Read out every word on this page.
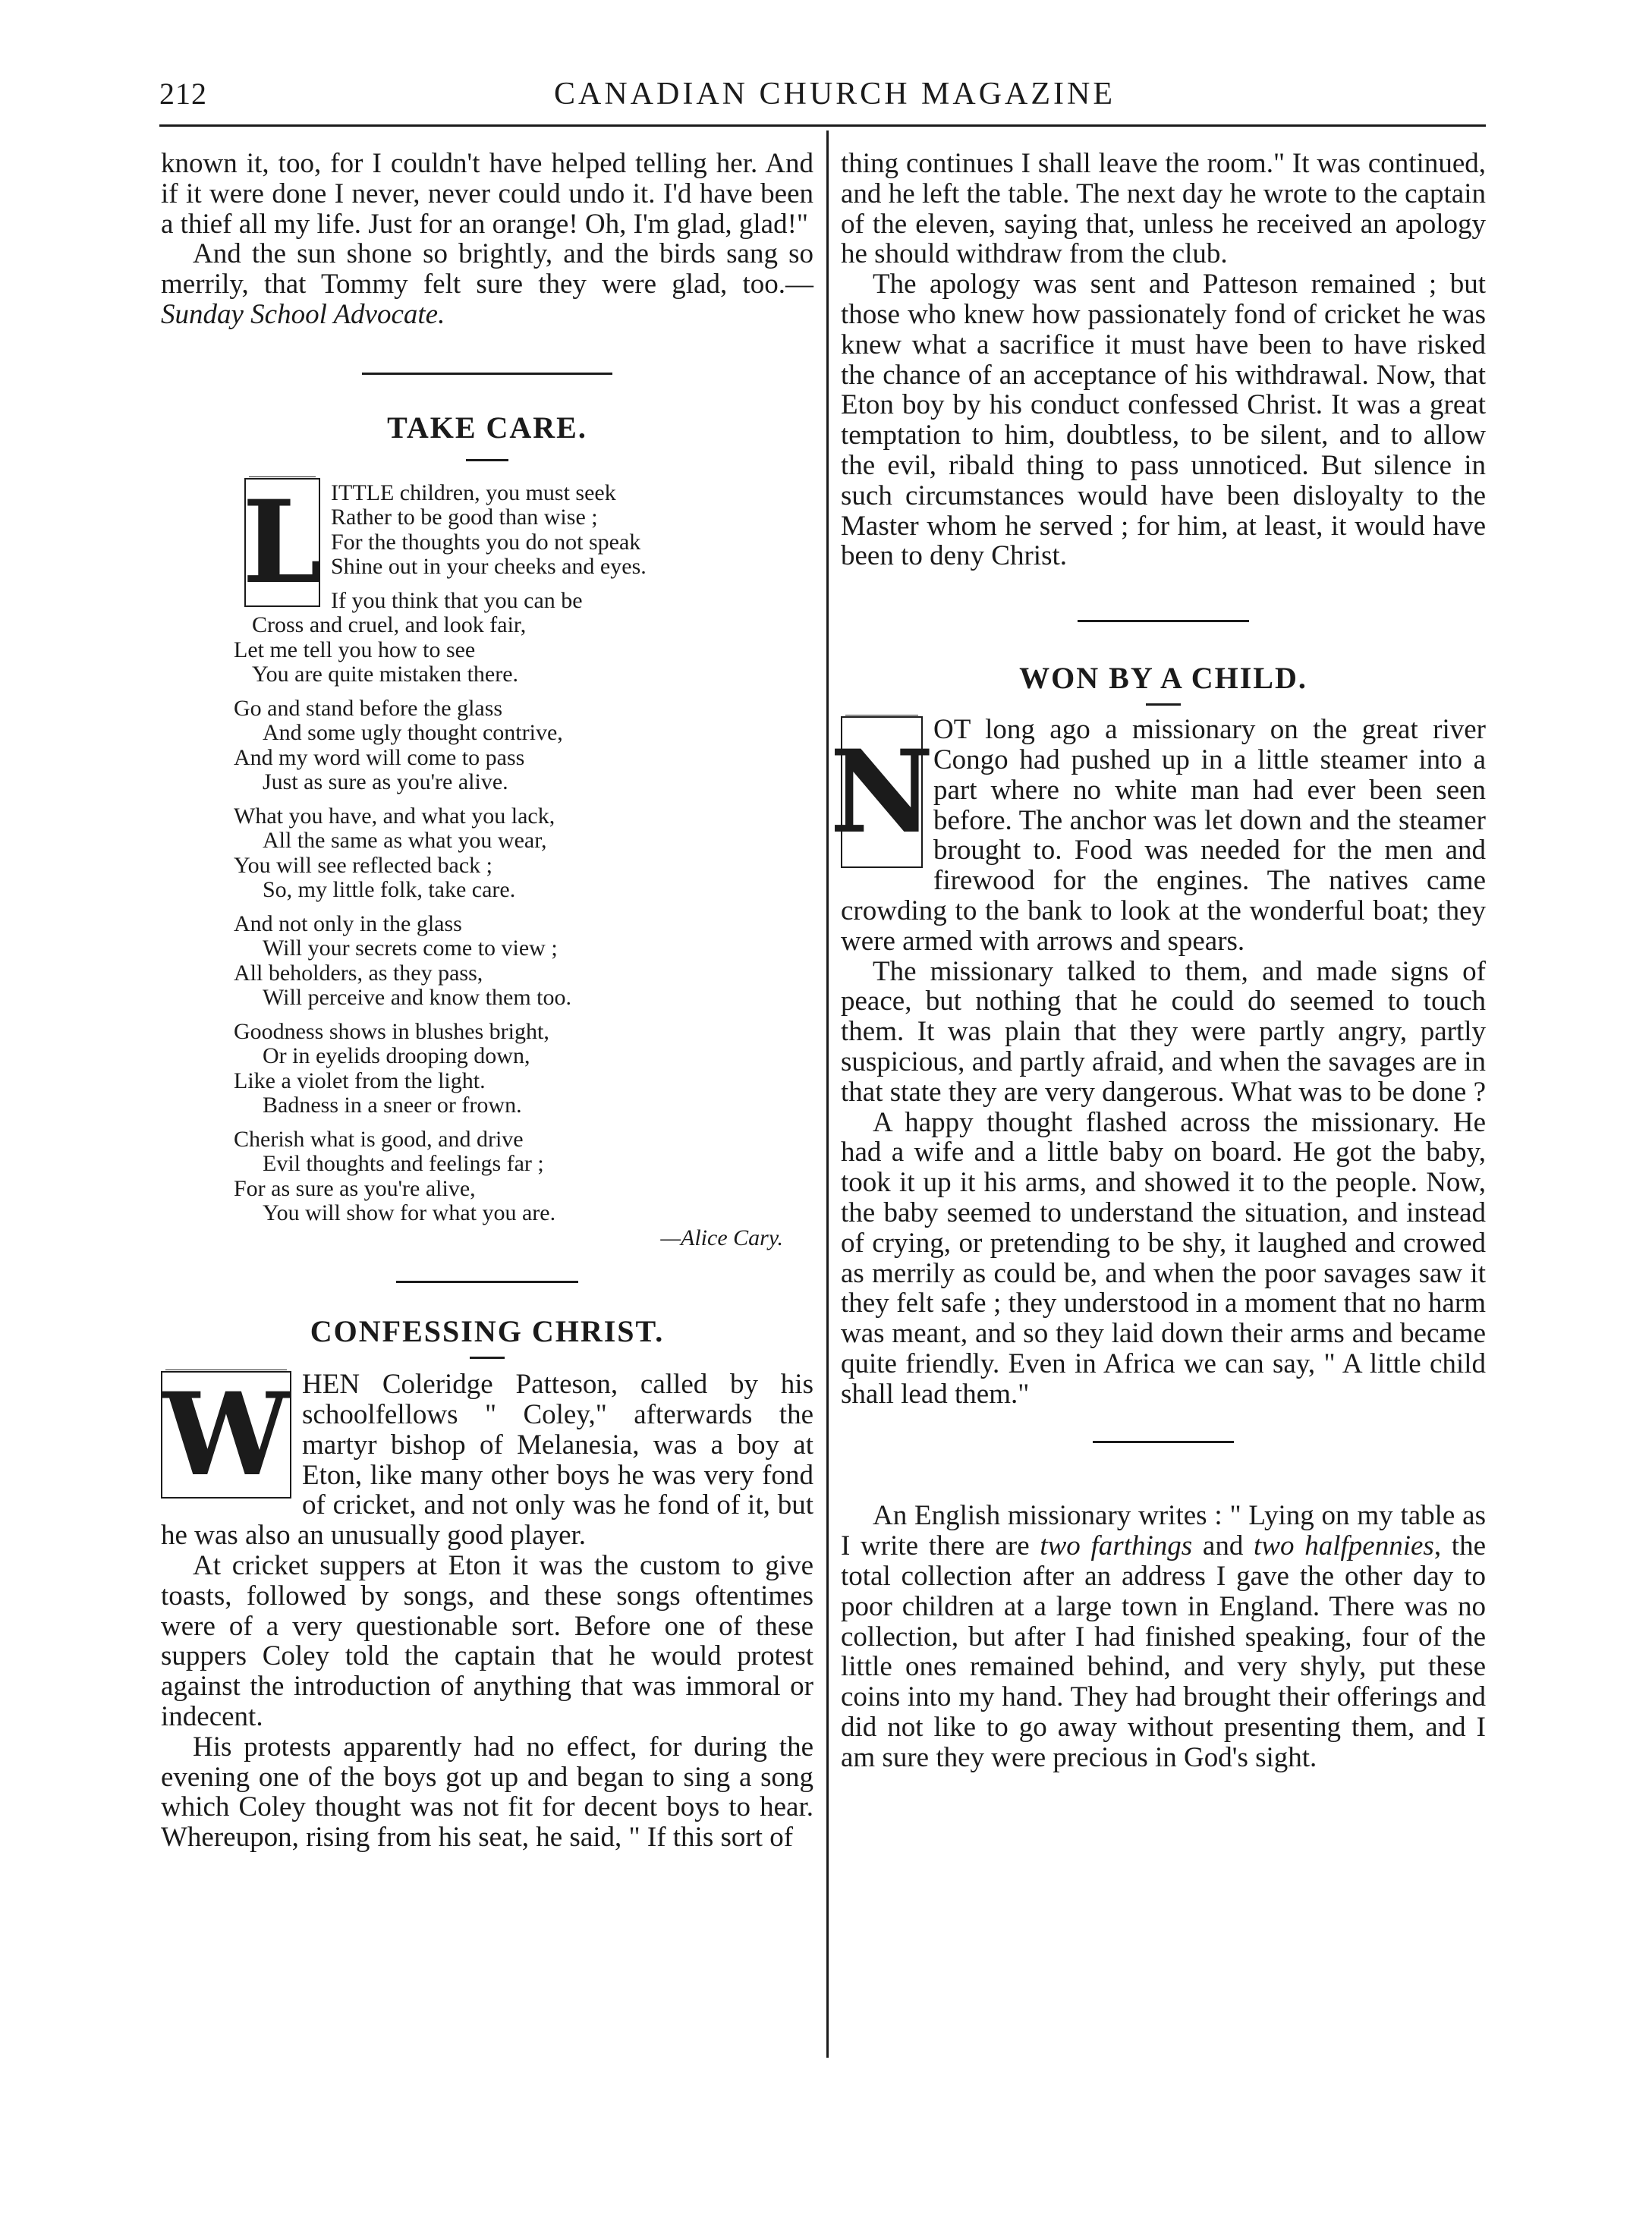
212	CANADIAN CHURCH MAGAZINE

known it, too, for I couldn't have helped telling her. And if it were done I never, never could undo it. I'd have been a thief all my life. Just for an orange! Oh, I'm glad, glad!"

And the sun shone so brightly, and the birds sang so merrily, that Tommy felt sure they were glad, too.—Sunday School Advocate.

TAKE CARE.
L ITTLE children, you must seek
Rather to be good than wise ;
For the thoughts you do not speak
Shine out in your cheeks and eyes.
If you think that you can be
Cross and cruel, and look fair,
Let me tell you how to see
You are quite mistaken there.
Go and stand before the glass
And some ugly thought contrive,
And my word will come to pass
Just as sure as you're alive.
What you have, and what you lack,
All the same as what you wear,
You will see reflected back ;
So, my little folk, take care.
And not only in the glass
Will your secrets come to view ;
All beholders, as they pass,
Will perceive and know them too.
Goodness shows in blushes bright,
Or in eyelids drooping down,
Like a violet from the light.
Badness in a sneer or frown.
Cherish what is good, and drive
Evil thoughts and feelings far ;
For as sure as you're alive,
You will show for what you are.

—Alice Cary.

CONFESSING CHRIST.
W HEN Coleridge Patteson, called by his schoolfellows " Coley," afterwards the martyr bishop of Melanesia, was a boy at Eton, like many other boys he was very fond of cricket, and not only was he fond of it, but he was also an unusually good player.

At cricket suppers at Eton it was the custom to give toasts, followed by songs, and these songs oftentimes were of a very questionable sort. Before one of these suppers Coley told the captain that he would protest against the introduction of anything that was immoral or indecent.

His protests apparently had no effect, for during the evening one of the boys got up and began to sing a song which Coley thought was not fit for decent boys to hear. Whereupon, rising from his seat, he said, " If this sort of

thing continues I shall leave the room." It was continued, and he left the table. The next day he wrote to the captain of the eleven, saying that, unless he received an apology he should withdraw from the club.

The apology was sent and Patteson remained ; but those who knew how passionately fond of cricket he was knew what a sacrifice it must have been to have risked the chance of an acceptance of his withdrawal. Now, that Eton boy by his conduct confessed Christ. It was a great temptation to him, doubtless, to be silent, and to allow the evil, ribald thing to pass unnoticed. But silence in such circumstances would have been disloyalty to the Master whom he served ; for him, at least, it would have been to deny Christ.

WON BY A CHILD.
N OT long ago a missionary on the great river Congo had pushed up in a little steamer into a part where no white man had ever been seen before. The anchor was let down and the steamer brought to. Food was needed for the men and firewood for the engines. The natives came crowding to the bank to look at the wonderful boat; they were armed with arrows and spears.

The missionary talked to them, and made signs of peace, but nothing that he could do seemed to touch them. It was plain that they were partly angry, partly suspicious, and partly afraid, and when the savages are in that state they are very dangerous. What was to be done ?

A happy thought flashed across the missionary. He had a wife and a little baby on board. He got the baby, took it up it his arms, and showed it to the people. Now, the baby seemed to understand the situation, and instead of crying, or pretending to be shy, it laughed and crowed as merrily as could be, and when the poor savages saw it they felt safe ; they understood in a moment that no harm was meant, and so they laid down their arms and became quite friendly. Even in Africa we can say, " A little child shall lead them."

An English missionary writes : " Lying on my table as I write there are two farthings and two halfpennies, the total collection after an address I gave the other day to poor children at a large town in England. There was no collection, but after I had finished speaking, four of the little ones remained behind, and very shyly, put these coins into my hand. They had brought their offerings and did not like to go away without presenting them, and I am sure they were precious in God's sight.
